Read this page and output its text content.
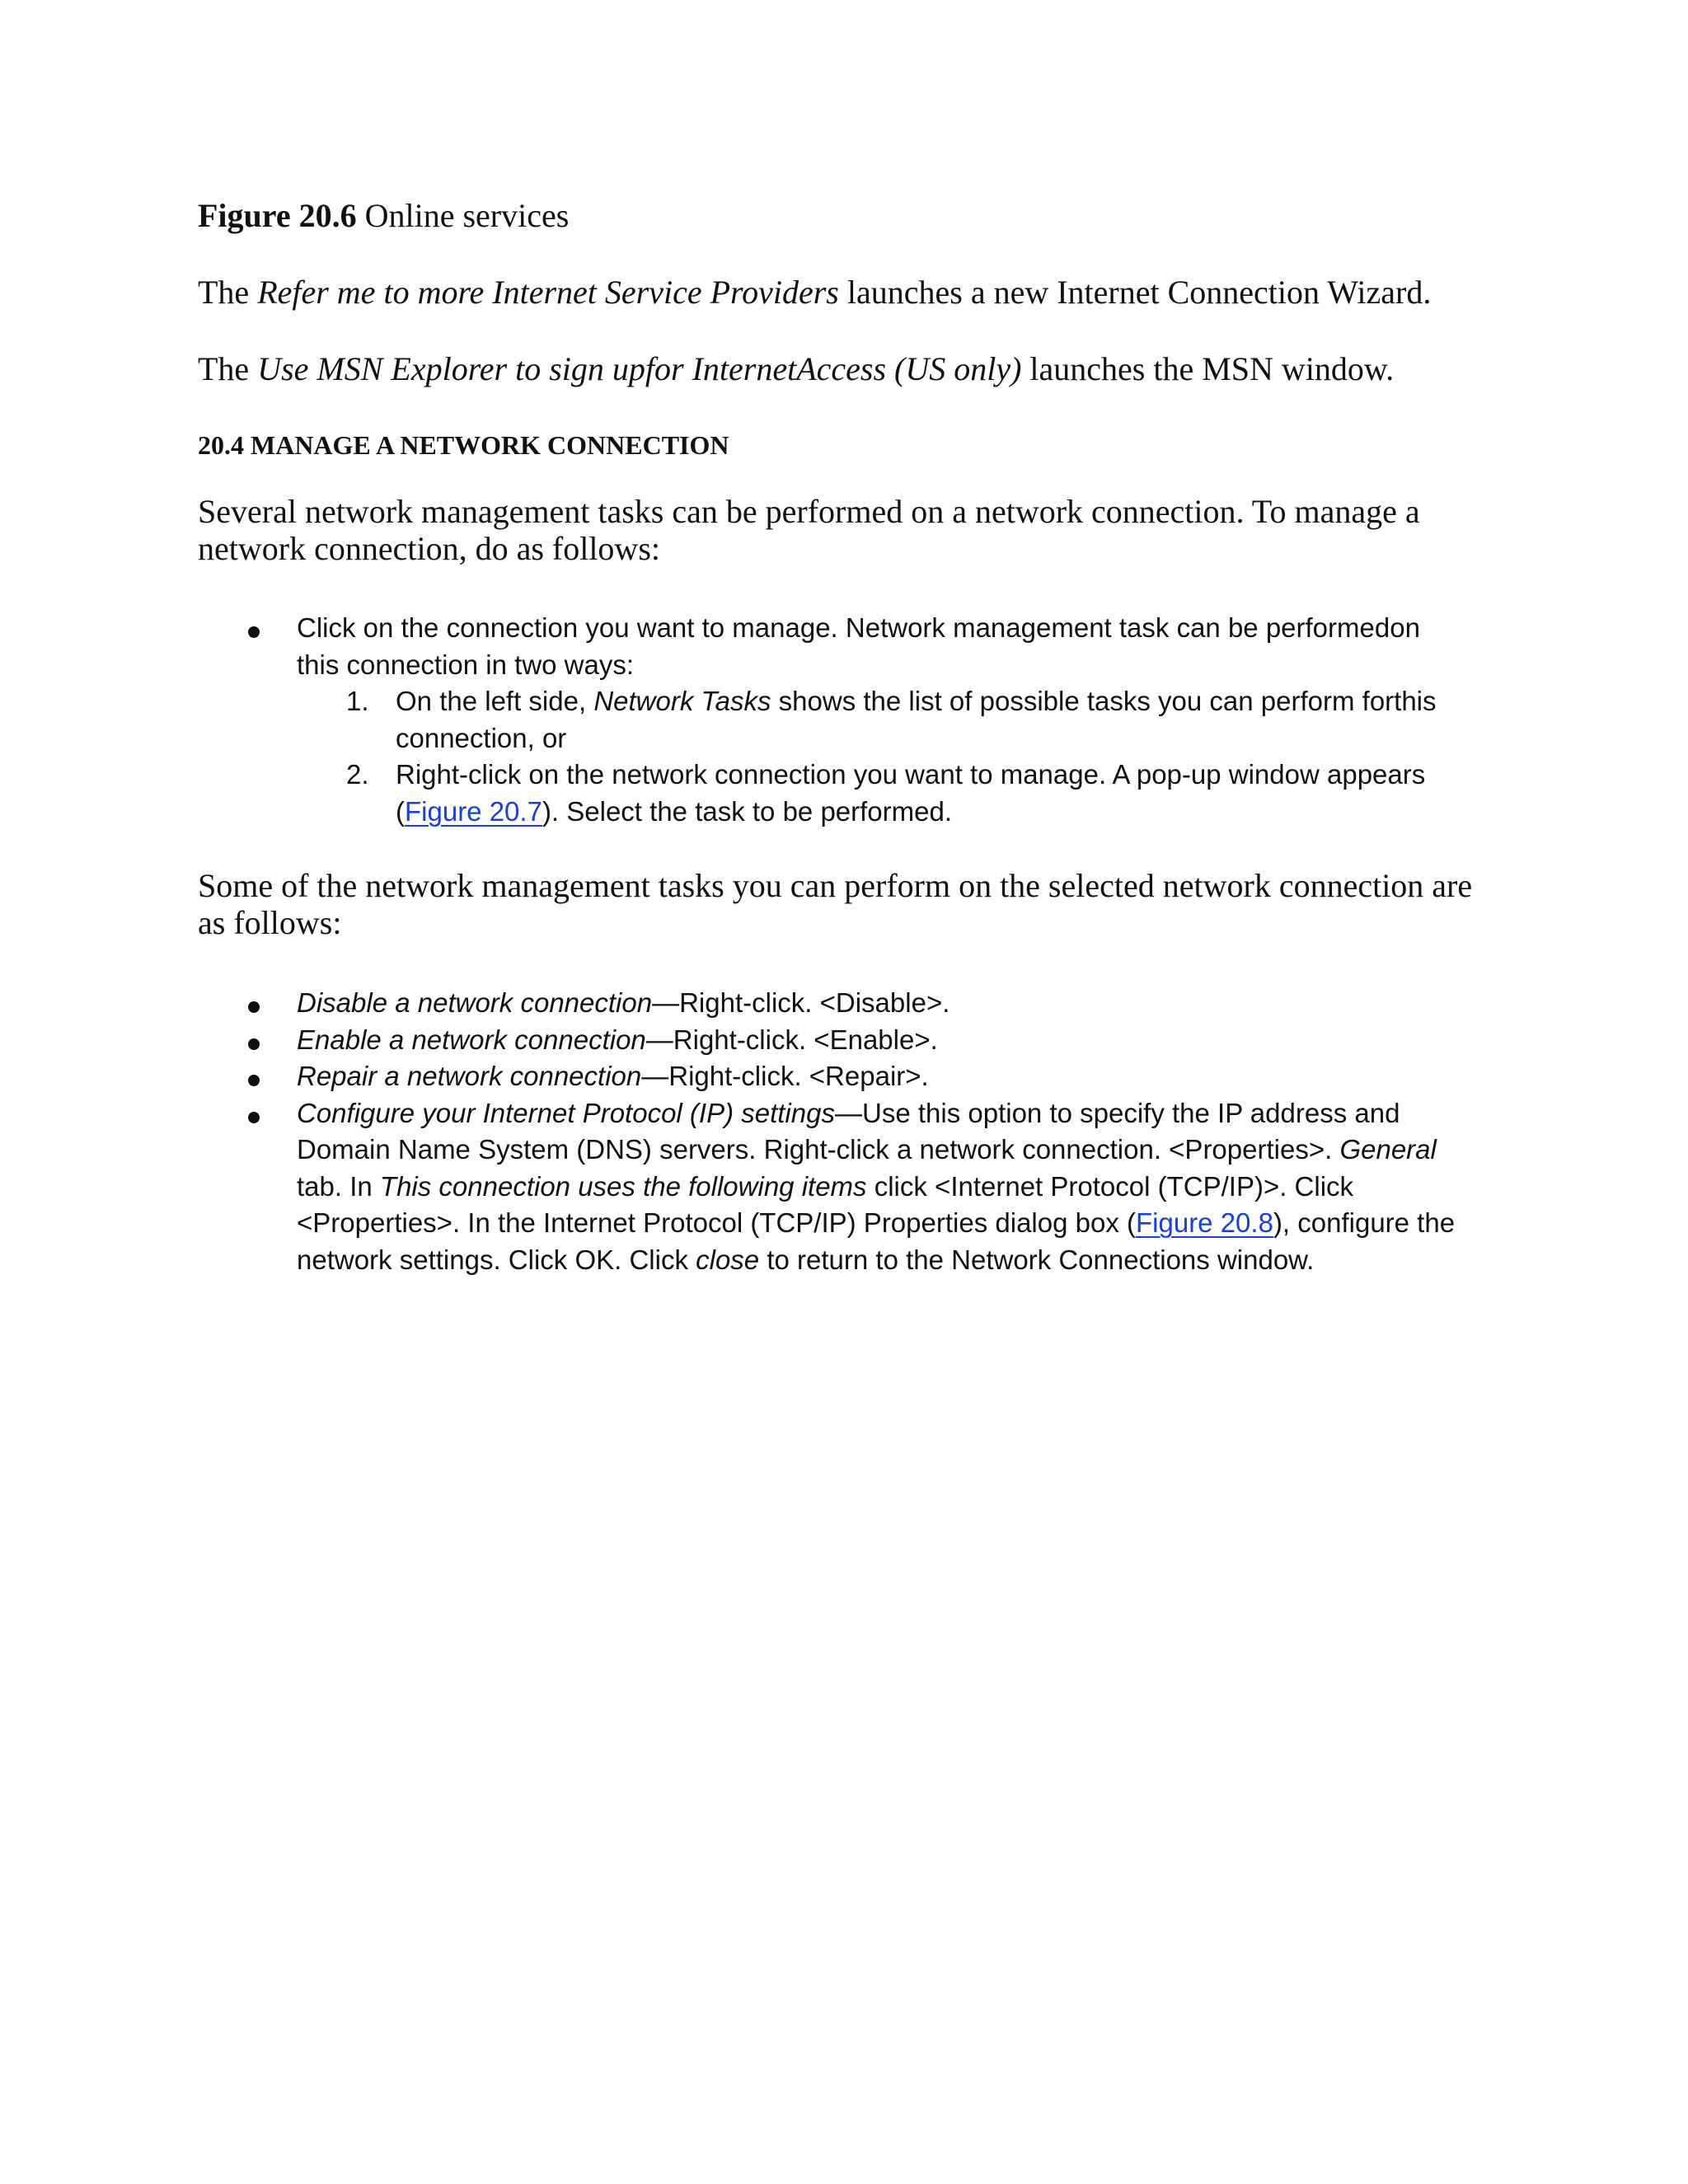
Figure 20.6 Online services
The Refer me to more Internet Service Providers launches a new Internet Connection Wizard.
The Use MSN Explorer to sign upfor InternetAccess (US only) launches the MSN window.
20.4 MANAGE A NETWORK CONNECTION
Several network management tasks can be performed on a network connection. To manage a network connection, do as follows:
Click on the connection you want to manage. Network management task can be performedon
this connection in two ways:
1. On the left side, Network Tasks shows the list of possible tasks you can perform forthis
connection, or
2. Right-click on the network connection you want to manage. A pop-up window appears
(Figure 20.7). Select the task to be performed.
Some of the network management tasks you can perform on the selected network connection are as follows:
Disable a network connection—Right-click. <Disable>.
Enable a network connection—Right-click. <Enable>.
Repair a network connection—Right-click. <Repair>.
Configure your Internet Protocol (IP) settings—Use this option to specify the IP address and
Domain Name System (DNS) servers. Right-click a network connection. <Properties>. General
tab. In This connection uses the following items click <Internet Protocol (TCP/IP)>. Click
<Properties>. In the Internet Protocol (TCP/IP) Properties dialog box (Figure 20.8), configure the
network settings. Click OK. Click close to return to the Network Connections window.
